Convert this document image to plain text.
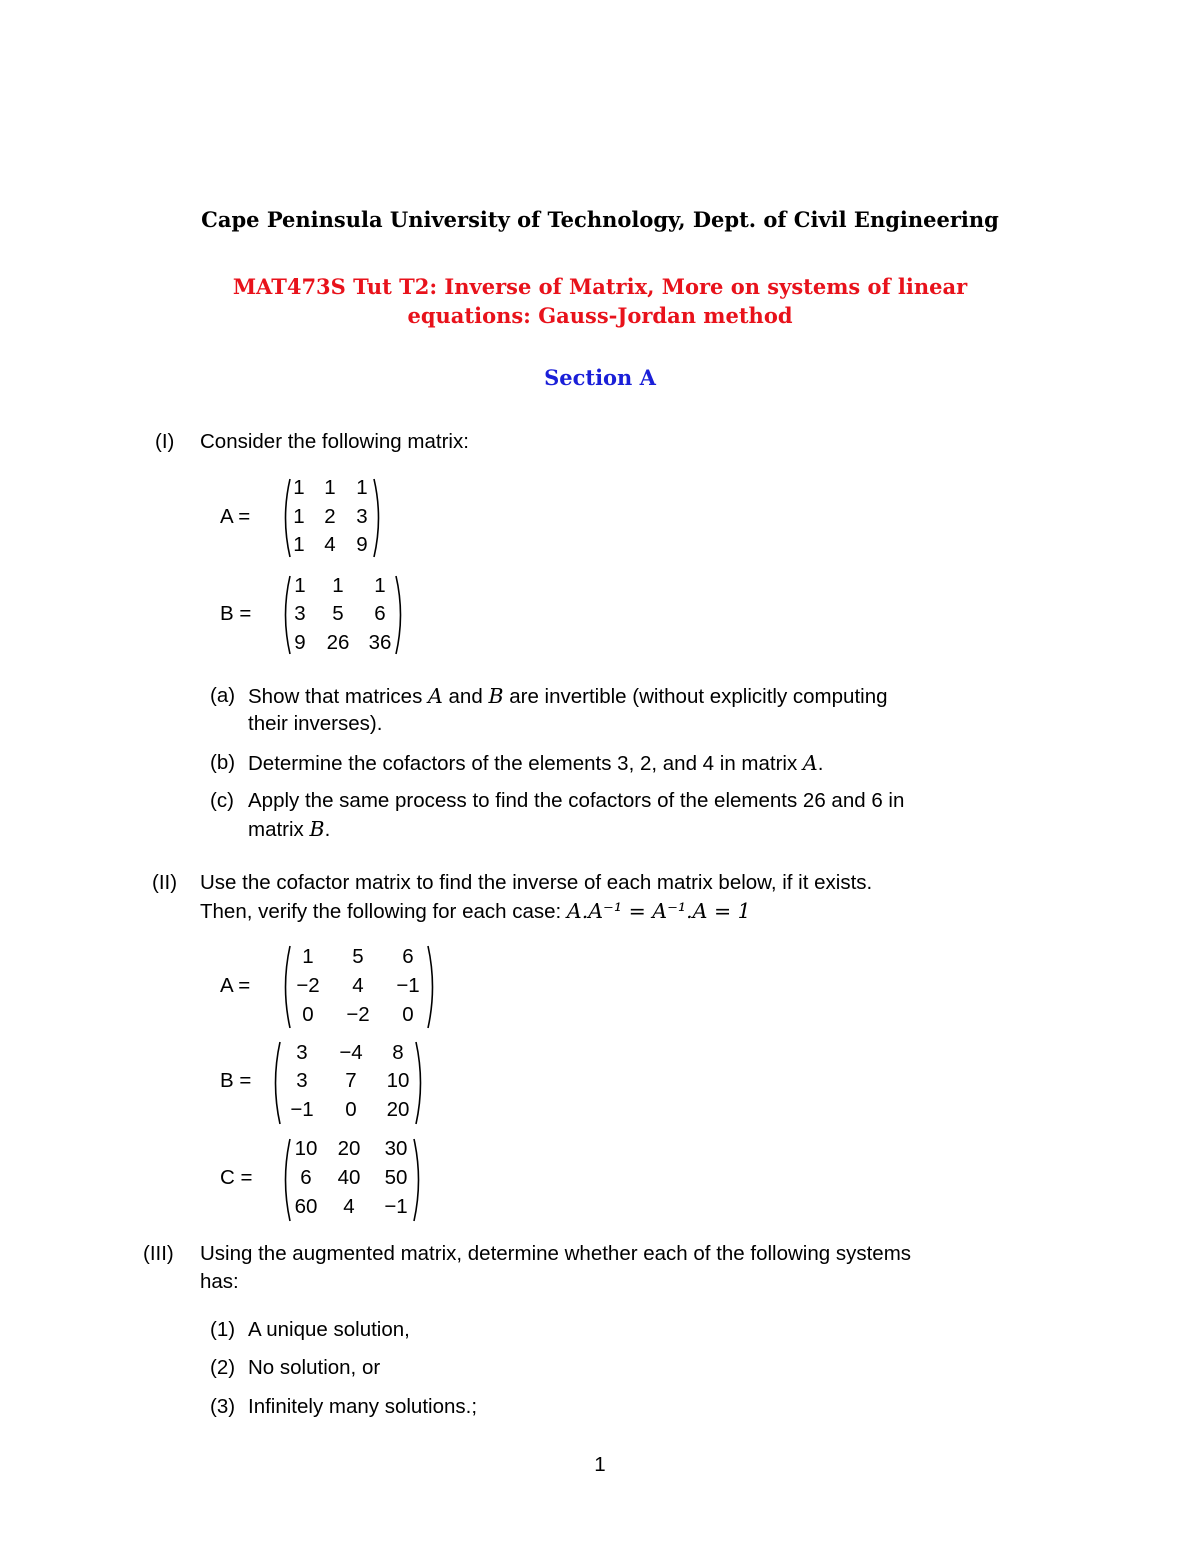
Cape Peninsula University of Technology, Dept. of Civil Engineering
MAT473S Tut T2: Inverse of Matrix, More on systems of linear
equations: Gauss-Jordan method
Section A
(I) Consider the following matrix:
A =
1 1 1
1 2 3
1 4 9
B =
1	1	1
3	5	6
9	26 36
(a) Show that matrices A and B are invertible (without explicitly computing
their inverses).
(b) Determine the cofactors of the elements 3, 2, and 4 in matrix A.
(c) Apply the same process to find the cofactors of the elements 26 and 6 in
matrix B.
(II) Use the cofactor matrix to find the inverse of each matrix below, if it exists.
Then, verify the following for each case: A.A⁻¹ = A⁻¹.A = 1
A =
1	5	6
−2	4	−1
0	−2	0
B =
3	−4	8
3	7	10
−1	0	20
C =
10 20	30
6	40	50
60	4	−1
(III) Using the augmented matrix, determine whether each of the following systems
has:
(1) A unique solution,
(2) No solution, or
(3) Infinitely many solutions.;
1
